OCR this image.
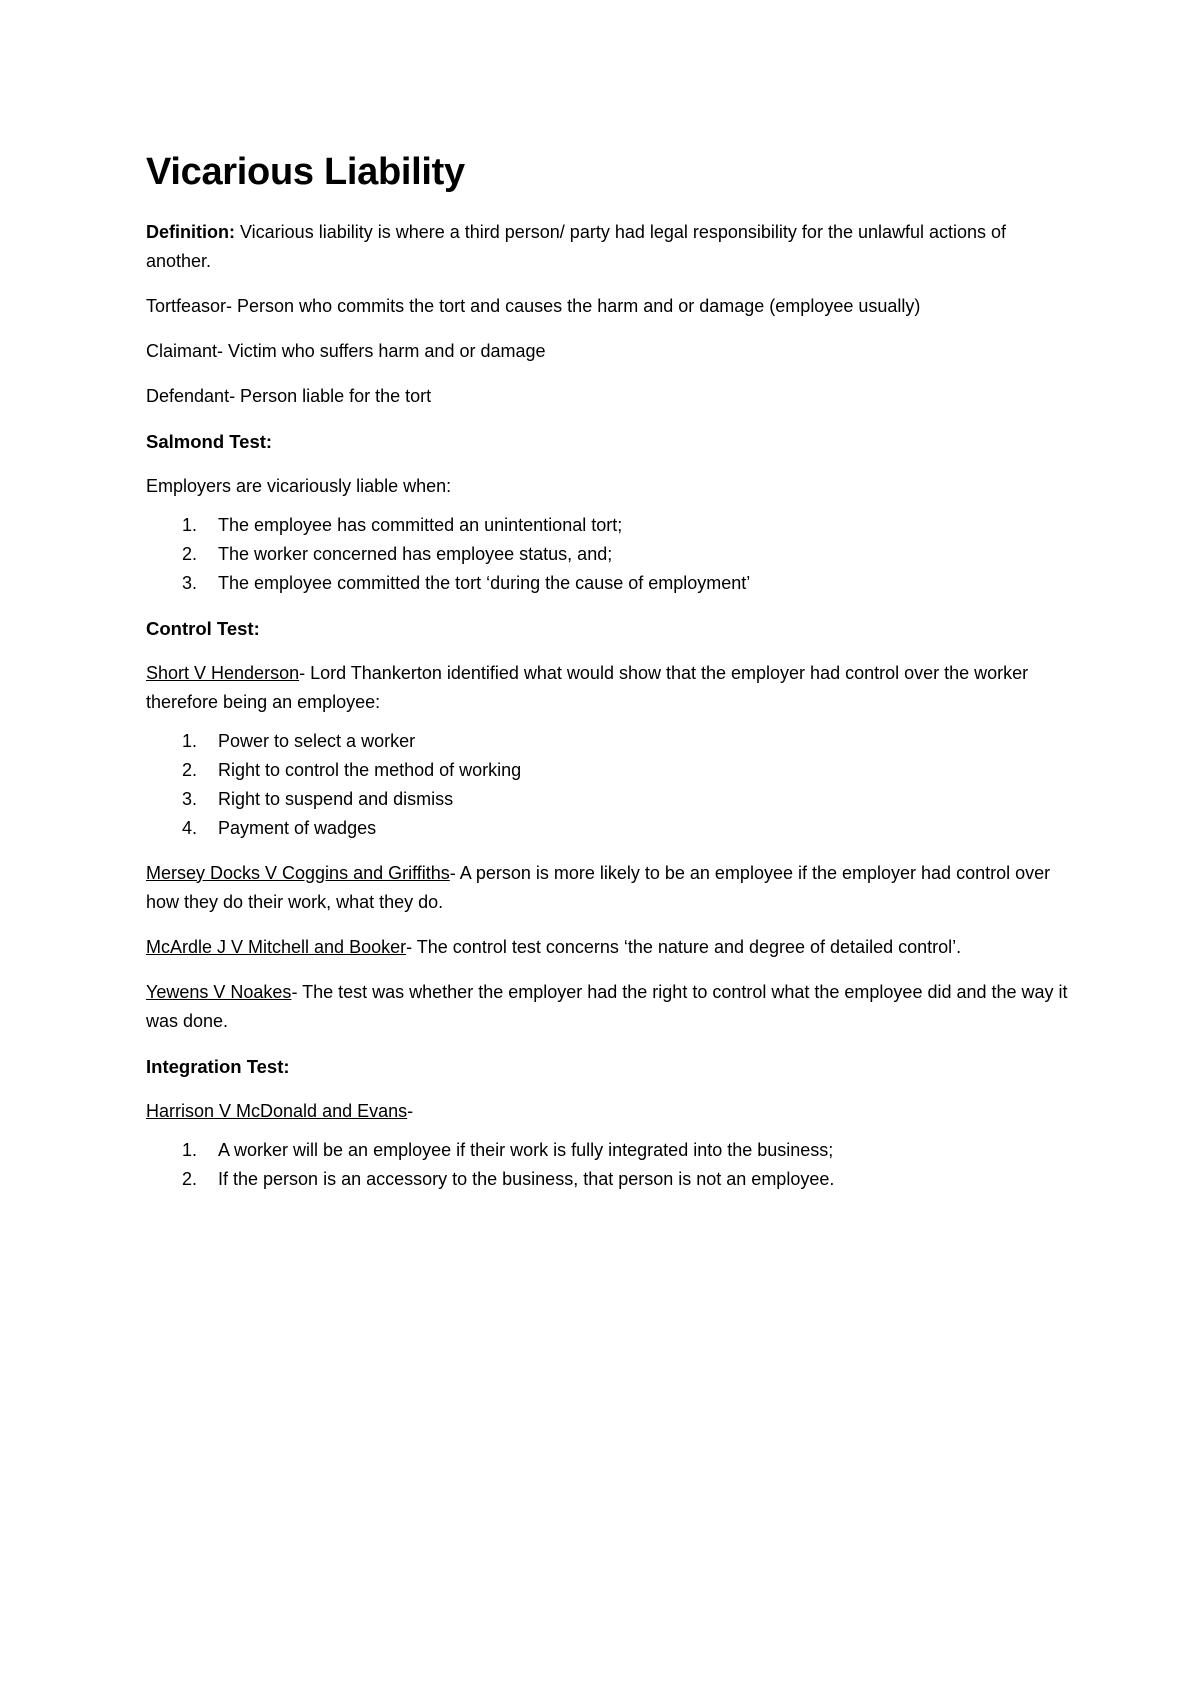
Vicarious Liability

Definition: Vicarious liability is where a third person/ party had legal responsibility for the unlawful actions of another.

Tortfeasor- Person who commits the tort and causes the harm and or damage (employee usually)

Claimant- Victim who suffers harm and or damage

Defendant- Person liable for the tort

Salmond Test:

Employers are vicariously liable when:

1. The employee has committed an unintentional tort;
2. The worker concerned has employee status, and;
3. The employee committed the tort ‘during the cause of employment’

Control Test:

Short V Henderson- Lord Thankerton identified what would show that the employer had control over the worker therefore being an employee:

1. Power to select a worker
2. Right to control the method of working
3. Right to suspend and dismiss
4. Payment of wadges

Mersey Docks V Coggins and Griffiths- A person is more likely to be an employee if the employer had control over how they do their work, what they do.

McArdle J V Mitchell and Booker- The control test concerns ‘the nature and degree of detailed control’.

Yewens V Noakes- The test was whether the employer had the right to control what the employee did and the way it was done.

Integration Test:

Harrison V McDonald and Evans-

1. A worker will be an employee if their work is fully integrated into the business;
2. If the person is an accessory to the business, that person is not an employee.
